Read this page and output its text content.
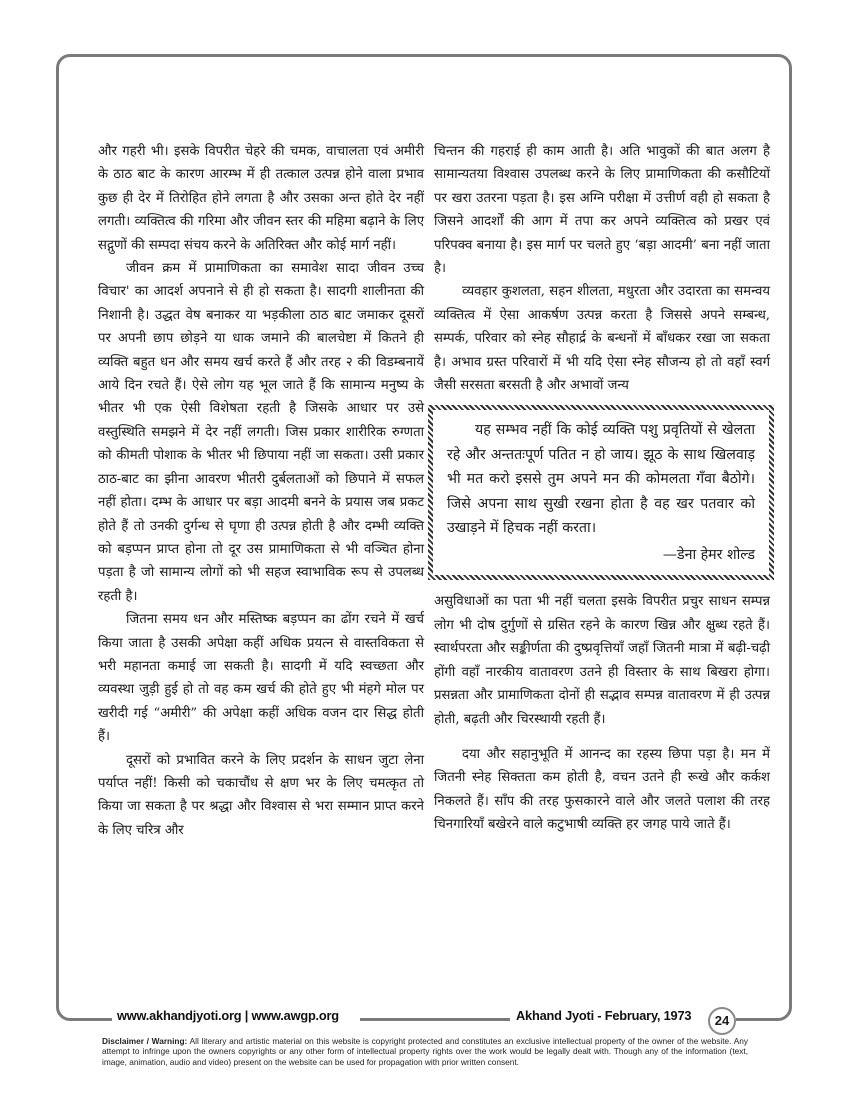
और गहरी भी। इसके विपरीत चेहरे की चमक, वाचालता एवं अमीरी के ठाठ बाट के कारण आरम्भ में ही तत्काल उत्पन्न होने वाला प्रभाव कुछ ही देर में तिरोहित होने लगता है और उसका अन्त होते देर नहीं लगती। व्यक्तित्व की गरिमा और जीवन स्तर की महिमा बढ़ाने के लिए सद्गुणों की सम्पदा संचय करने के अतिरिक्त और कोई मार्ग नहीं।

जीवन क्रम में प्रामाणिकता का समावेश सादा जीवन उच्च विचार' का आदर्श अपनाने से ही हो सकता है। सादगी शालीनता की निशानी है। उद्धत वेष बनाकर या भड़कीला ठाठ बाट जमाकर दूसरों पर अपनी छाप छोड़ने या धाक जमाने की बालचेष्टा में कितने ही व्यक्ति बहुत धन और समय खर्च करते हैं और तरह २ की विडम्बनायें आये दिन रचते हैं। ऐसे लोग यह भूल जाते हैं कि सामान्य मनुष्य के भीतर भी एक ऐसी विशेषता रहती है जिसके आधार पर उसे वस्तुस्थिति समझने में देर नहीं लगती। जिस प्रकार शारीरिक रुग्णता को कीमती पोशाक के भीतर भी छिपाया नहीं जा सकता। उसी प्रकार ठाठ-बाट का झीना आवरण भीतरी दुर्बलताओं को छिपाने में सफल नहीं होता। दम्भ के आधार पर बड़ा आदमी बनने के प्रयास जब प्रकट होते हैं तो उनकी दुर्गन्ध से घृणा ही उत्पन्न होती है और दम्भी व्यक्ति को बड़प्पन प्राप्त होना तो दूर उस प्रामाणिकता से भी वञ्चित होना पड़ता है जो सामान्य लोगों को भी सहज स्वाभाविक रूप से उपलब्ध रहती है।

जितना समय धन और मस्तिष्क बड़प्पन का ढोंग रचने में खर्च किया जाता है उसकी अपेक्षा कहीं अधिक प्रयत्न से वास्तविकता से भरी महानता कमाई जा सकती है। सादगी में यदि स्वच्छता और व्यवस्था जुड़ी हुई हो तो वह कम खर्च की होते हुए भी मंहगे मोल पर खरीदी गई “अमीरी” की अपेक्षा कहीं अधिक वजन दार सिद्ध होती हैं।

दूसरों को प्रभावित करने के लिए प्रदर्शन के साधन जुटा लेना पर्याप्त नहीं! किसी को चकाचौंध से क्षण भर के लिए चमत्कृत तो किया जा सकता है पर श्रद्धा और विश्वास से भरा सम्मान प्राप्त करने के लिए चरित्र और

चिन्तन की गहराई ही काम आती है। अति भावुकों की बात अलग है सामान्यतया विश्वास उपलब्ध करने के लिए प्रामाणिकता की कसौटियों पर खरा उतरना पड़ता है। इस अग्नि परीक्षा में उत्तीर्ण वही हो सकता है जिसने आदर्शों की आग में तपा कर अपने व्यक्तित्व को प्रखर एवं परिपक्व बनाया है। इस मार्ग पर चलते हुए ‘बड़ा आदमी’ बना नहीं जाता है।

व्यवहार कुशलता, सहन शीलता, मधुरता और उदारता का समन्वय व्यक्तित्व में ऐसा आकर्षण उत्पन्न करता है जिससे अपने सम्बन्ध, सम्पर्क, परिवार को स्नेह सौहार्द्र के बन्धनों में बाँधकर रखा जा सकता है। अभाव ग्रस्त परिवारों में भी यदि ऐसा स्नेह सौजन्य हो तो वहाँ स्वर्ग जैसी सरसता बरसती है और अभावों जन्य

यह सम्भव नहीं कि कोई व्यक्ति पशु प्रवृतियों से खेलता रहे और अन्ततःपूर्ण पतित न हो जाय। झूठ के साथ खिलवाड़ भी मत करो इससे तुम अपने मन की कोमलता गँवा बैठोगे। जिसे अपना साथ सुखी रखना होता है वह खर पतवार को उखाड़ने में हिचक नहीं करता।

—डेना हेमर शोल्ड

असुविधाओं का पता भी नहीं चलता इसके विपरीत प्रचुर साधन सम्पन्न लोग भी दोष दुर्गुणों से ग्रसित रहने के कारण खिन्न और क्षुब्ध रहते हैं। स्वार्थपरता और सङ्कीर्णता की दुष्प्रवृत्तियाँ जहाँ जितनी मात्रा में बढ़ी-चढ़ी होंगी वहाँ नारकीय वातावरण उतने ही विस्तार के साथ बिखरा होगा। प्रसन्नता और प्रामाणिकता दोनों ही सद्भाव सम्पन्न वातावरण में ही उत्पन्न होती, बढ़ती और चिरस्थायी रहती हैं।

दया और सहानुभूति में आनन्द का रहस्य छिपा पड़ा है। मन में जितनी स्नेह सिक्तता कम होती है, वचन उतने ही रूखे और कर्कश निकलते हैं। साँप की तरह फुसकारने वाले और जलते पलाश की तरह चिनगारियाँ बखेरने वाले कटुभाषी व्यक्ति हर जगह पाये जाते हैं।

www.akhandjyoti.org | www.awgp.org	Akhand Jyoti - February, 1973	24
Disclaimer / Warning: All literary and artistic material on this website is copyright protected and constitutes an exclusive intellectual property of the owner of the website. Any attempt to infringe upon the owners copyrights or any other form of intellectual property rights over the work would be legally dealt with. Though any of the information (text, image, animation, audio and video) present on the website can be used for propagation with prior written consent.
